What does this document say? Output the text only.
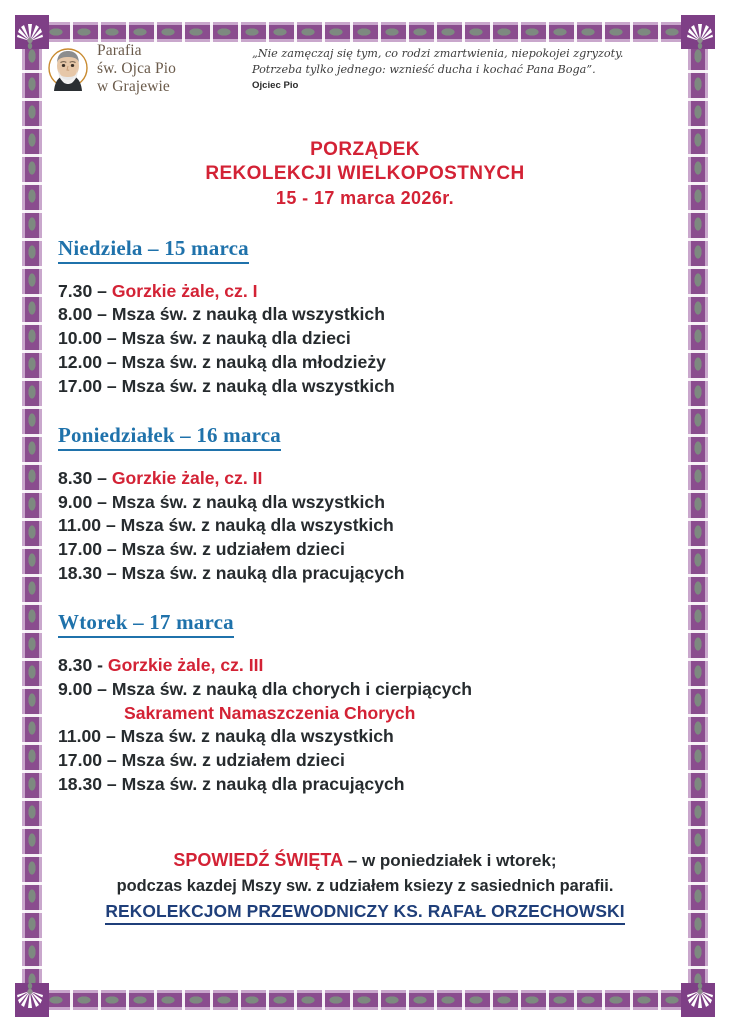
Parafia
św. Ojca Pio
w Grajewie
„Nie zamęczaj się tym, co rodzi zmartwienia, niepokojei zgryzoty.
Potrzeba tylko jednego: wznieść ducha i kochać Pana Boga”.
Ojciec Pio
PORZĄDEK
REKOLEKCJI WIELKOPOSTNYCH
15 - 17 marca 2026r.
Niedziela – 15 marca
7.30 – Gorzkie żale, cz. I
8.00 – Msza św. z nauką dla wszystkich
10.00 – Msza św. z nauką dla dzieci
12.00 – Msza św. z nauką dla młodzieży
17.00 – Msza św. z nauką dla wszystkich
Poniedziałek – 16 marca
8.30 – Gorzkie żale, cz. II
9.00 – Msza św. z nauką dla wszystkich
11.00 – Msza św. z nauką dla wszystkich
17.00 – Msza św. z udziałem dzieci
18.30 – Msza św. z nauką dla pracujących
Wtorek – 17 marca
8.30 - Gorzkie żale, cz. III
9.00 – Msza św. z nauką dla chorych i cierpiących
Sakrament Namaszczenia Chorych
11.00 – Msza św. z nauką dla wszystkich
17.00 – Msza św. z udziałem dzieci
18.30 – Msza św. z nauką dla pracujących
SPOWIEDŹ ŚWIĘTA – w poniedziałek i wtorek;
podczas kazdej Mszy sw. z udziałem ksiezy z sasiednich parafii.
REKOLEKCJOM PRZEWODNICZY KS. RAFAŁ ORZECHOWSKI
